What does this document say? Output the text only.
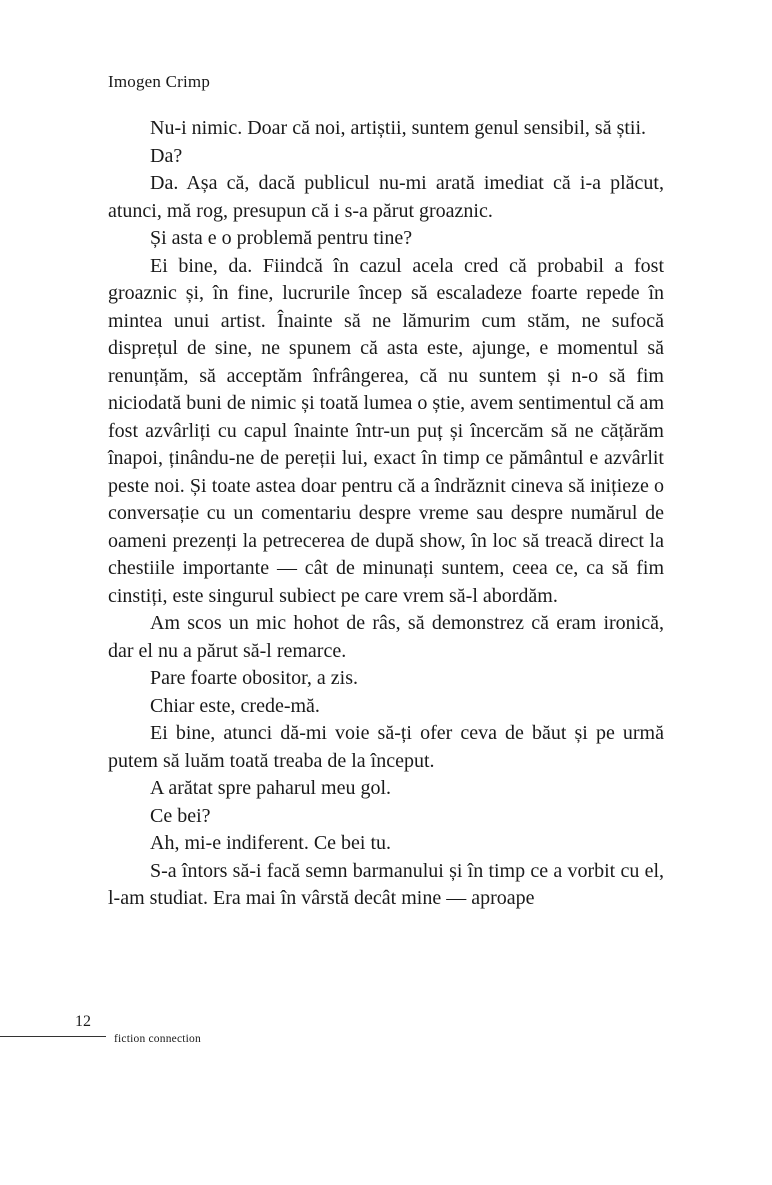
Imogen Crimp

Nu-i nimic. Doar că noi, artiștii, suntem genul sensibil, să știi.

Da?

Da. Așa că, dacă publicul nu-mi arată imediat că i-a plăcut, atunci, mă rog, presupun că i s-a părut groaznic.

Și asta e o problemă pentru tine?

Ei bine, da. Fiindcă în cazul acela cred că probabil a fost groaznic și, în fine, lucrurile încep să escaladeze foarte repede în mintea unui artist. Înainte să ne lămurim cum stăm, ne sufocă disprețul de sine, ne spunem că asta este, ajunge, e momentul să renunțăm, să acceptăm înfrângerea, că nu suntem și n-o să fim niciodată buni de nimic și toată lumea o știe, avem sentimentul că am fost azvârliți cu capul înainte într-un puț și încercăm să ne cățărăm înapoi, ținându-ne de pereții lui, exact în timp ce pământul e azvârlit peste noi. Și toate astea doar pentru că a îndrăznit cineva să inițieze o conversație cu un comentariu despre vreme sau despre numărul de oameni prezenți la petrecerea de după show, în loc să treacă direct la chestiile importante — cât de minunați suntem, ceea ce, ca să fim cinstiți, este singurul subiect pe care vrem să-l abordăm.

Am scos un mic hohot de râs, să demonstrez că eram ironică, dar el nu a părut să-l remarce.

Pare foarte obositor, a zis.

Chiar este, crede-mă.

Ei bine, atunci dă-mi voie să-ți ofer ceva de băut și pe urmă putem să luăm toată treaba de la început.

A arătat spre paharul meu gol.

Ce bei?

Ah, mi-e indiferent. Ce bei tu.

S-a întors să-i facă semn barmanului și în timp ce a vorbit cu el, l-am studiat. Era mai în vârstă decât mine — aproape

12
fiction connection
